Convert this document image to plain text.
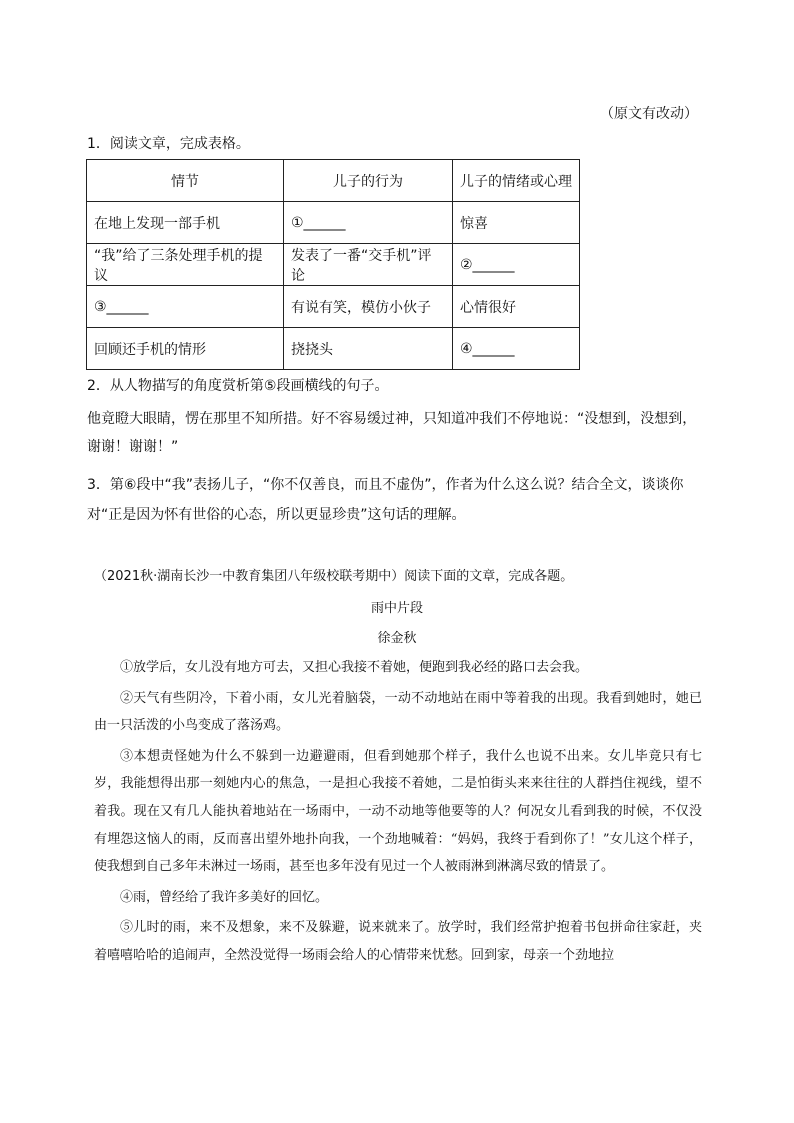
（原文有改动）
1．阅读文章，完成表格。
情节	儿子的行为	儿子的情绪或心理
在地上发现一部手机	①______	惊喜
“我”给了三条处理手机的提议	发表了一番“交手机”评论	②______
③______	有说有笑，模仿小伙子	心情很好
回顾还手机的情形	挠挠头	④______
2．从人物描写的角度赏析第⑤段画横线的句子。
他竟瞪大眼睛，愣在那里不知所措。好不容易缓过神，只知道冲我们不停地说：“没想到，没想到，谢谢！谢谢！”
3．第⑥段中“我”表扬儿子，“你不仅善良，而且不虚伪”，作者为什么这么说？结合全文，谈谈你对“正是因为怀有世俗的心态，所以更显珍贵”这句话的理解。
（2021秋·湖南长沙一中教育集团八年级校联考期中）阅读下面的文章，完成各题。
雨中片段
徐金秋

①放学后，女儿没有地方可去，又担心我接不着她，便跑到我必经的路口去会我。

②天气有些阴冷，下着小雨，女儿光着脑袋，一动不动地站在雨中等着我的出现。我看到她时，她已由一只活泼的小鸟变成了落汤鸡。

③本想责怪她为什么不躲到一边避避雨，但看到她那个样子，我什么也说不出来。女儿毕竟只有七岁，我能想得出那一刻她内心的焦急，一是担心我接不着她，二是怕街头来来往往的人群挡住视线，望不着我。现在又有几人能执着地站在一场雨中，一动不动地等他要等的人？何况女儿看到我的时候，不仅没有埋怨这恼人的雨，反而喜出望外地扑向我，一个劲地喊着：“妈妈，我终于看到你了！”女儿这个样子，使我想到自己多年未淋过一场雨，甚至也多年没有见过一个人被雨淋到淋漓尽致的情景了。

④雨，曾经给了我许多美好的回忆。

⑤儿时的雨，来不及想象，来不及躲避，说来就来了。放学时，我们经常护抱着书包拼命往家赶，夹着嘻嘻哈哈的追闹声，全然没觉得一场雨会给人的心情带来忧愁。回到家，母亲一个劲地拉
